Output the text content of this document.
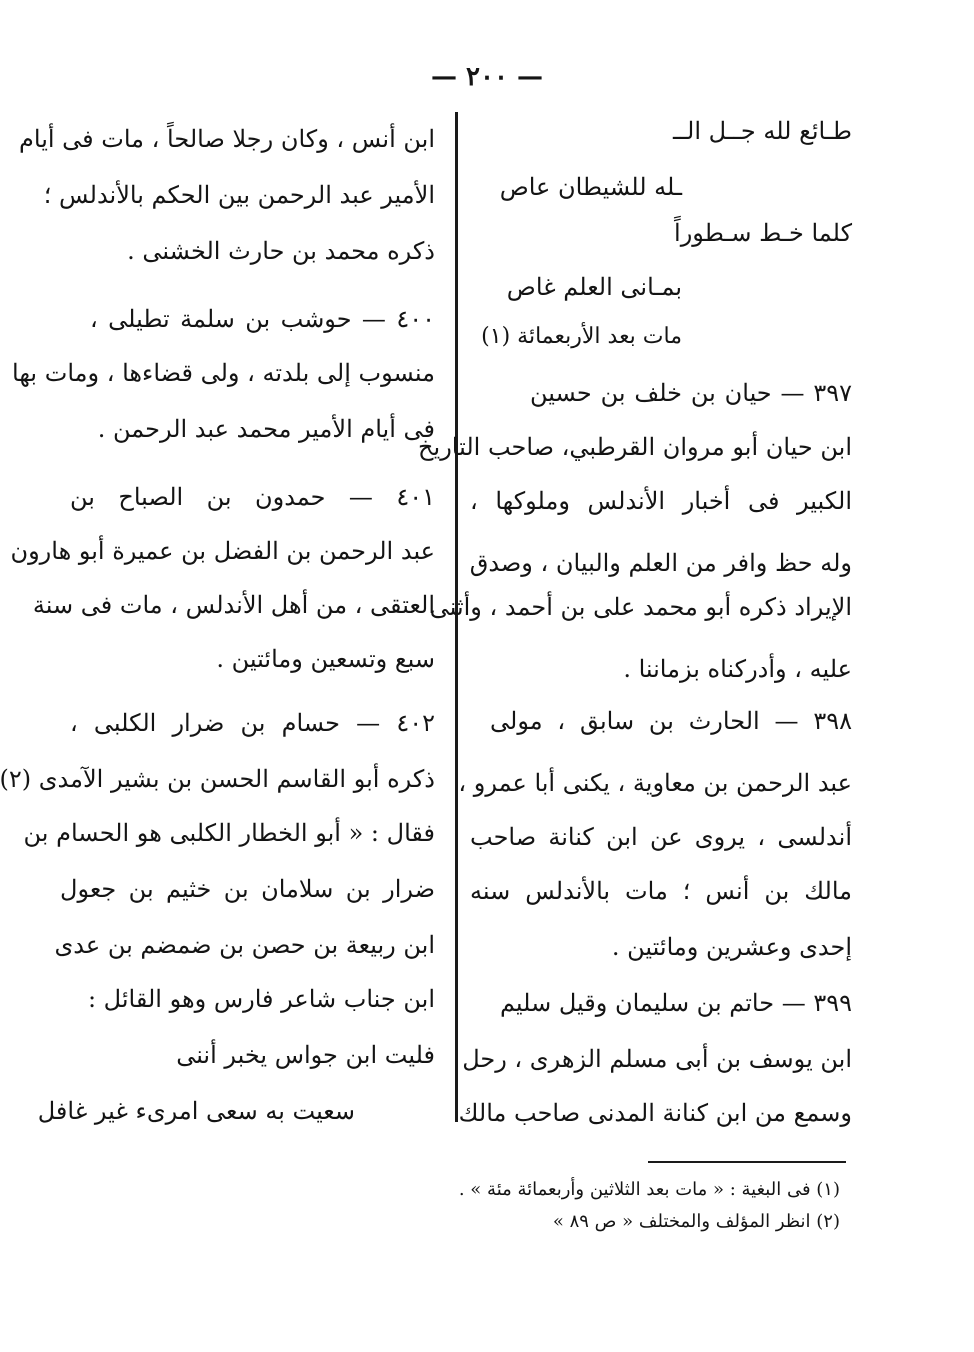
— ٢٠٠ —
طـائع لله جــل الــ
ـله للشيطان عاص
كلما خـط سـطوراً
بمـانى العلم غاص
مات بعد الأربعمائة (١)
٣٩٧ — حيان بن خلف بن حسين
ابن حيان أبو مروان القرطبي، صاحب التاريخ
الكبير فى أخبار الأندلس وملوكها ،
وله حظ وافر من العلم والبيان ، وصدق
الإيراد ذكره أبو محمد على بن أحمد ، وأثنى
عليه ، وأدركناه بزماننا .
٣٩٨ — الحارث بن سابق ، مولى
عبد الرحمن بن معاوية ، يكنى أبا عمرو ،
أندلسى ، يروى عن ابن كنانة صاحب
مالك بن أنس ؛ مات بالأندلس سنه
إحدى وعشرين ومائتين .
٣٩٩ — حاتم بن سليمان وقيل سليم
ابن يوسف بن أبى مسلم الزهرى ، رحل
وسمع من ابن كنانة المدنى صاحب مالك
ابن أنس ، وكان رجلا صالحاً ، مات فى أيام
الأمير عبد الرحمن بين الحكم بالأندلس ؛
ذكره محمد بن حارث الخشنى .
٤٠٠ — حوشب بن سلمة تطيلى ،
منسوب إلى بلدته ، ولى قضاءها ، ومات بها
فى أيام الأمير محمد عبد الرحمن .
٤٠١ — حمدون بن الصباح بن
عبد الرحمن بن الفضل بن عميرة أبو هارون
العتقى ، من أهل الأندلس ، مات فى سنة
سبع وتسعين ومائتين .
٤٠٢ — حسام بن ضرار الكلبى ،
ذكره أبو القاسم الحسن بن بشير الآمدى (٢)
فقال : « أبو الخطار الكلبى هو الحسام بن
ضرار بن سلامان بن خثيم بن جعول
ابن ربيعة بن حصن بن ضمضم بن عدى
ابن جناب شاعر فارس وهو القائل :
فليت ابن جواس يخبر أننى
سعيت به سعى امرىء غير غافل
(١) فى البغية : « مات بعد الثلاثين وأربعمائة مئة » .
(٢) انظر المؤلف والمختلف « ص ٨٩ »
